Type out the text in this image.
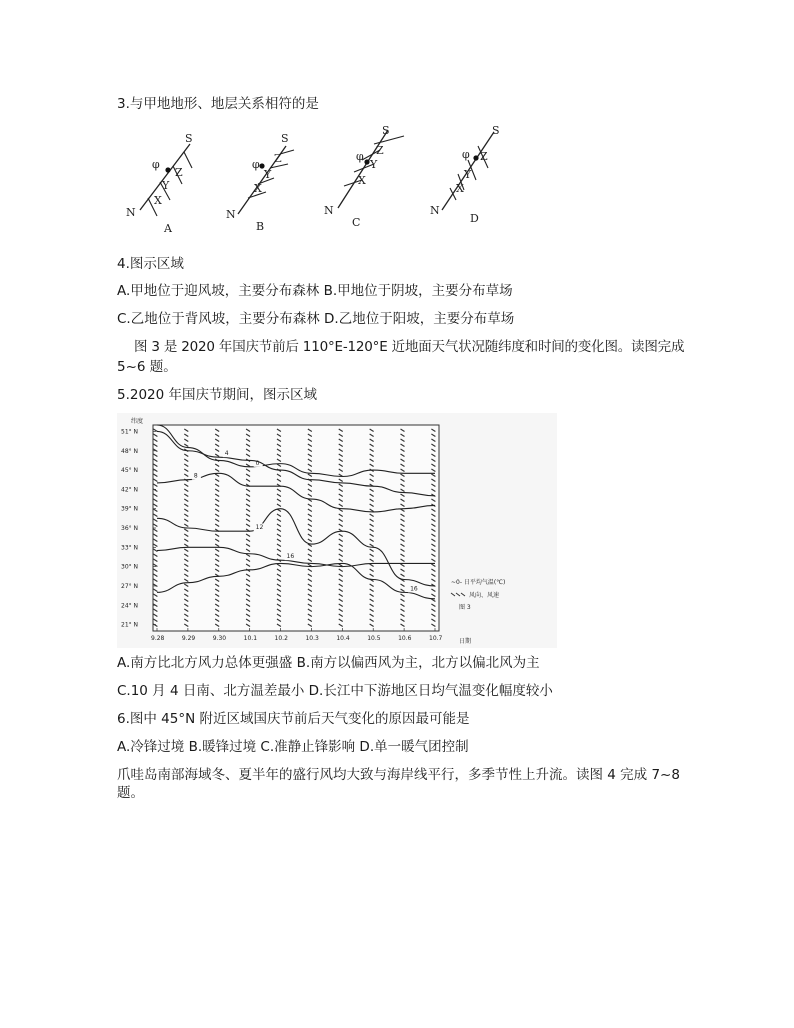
3.与甲地地形、地层关系相符的是
N
S
φ
X
Y
Z
A
N
S
φ
X
Y
Z
B
N
S
φ
X
Y
Z
C
N
S
φ
X
Y
Z
D
4.图示区域
A.甲地位于迎风坡，主要分布森林 B.甲地位于阴坡，主要分布草场
C.乙地位于背风坡，主要分布森林 D.乙地位于阳坡，主要分布草场
图 3 是 2020 年国庆节前后 110°E-120°E 近地面天气状况随纬度和时间的变化图。读图完成
5~6 题。
5.2020 年国庆节期间，图示区域
0
4
8
12
16
16
纬度
51° N
48° N
45° N
42° N
39° N
36° N
33° N
30° N
27° N
24° N
21° N
9.28	9.29	9.30	10.1	10.2	10.3	10.4	10.5	10.6	10.7	日期
图 3
~0- 日平均气温(℃)
风向、风速
A.南方比北方风力总体更强盛 B.南方以偏西风为主，北方以偏北风为主
C.10 月 4 日南、北方温差最小 D.长江中下游地区日均气温变化幅度较小
6.图中 45°N 附近区域国庆节前后天气变化的原因最可能是
A.冷锋过境 B.暖锋过境 C.准静止锋影响 D.单一暖气团控制
爪哇岛南部海域冬、夏半年的盛行风均大致与海岸线平行，多季节性上升流。读图 4 完成 7~8 题。
